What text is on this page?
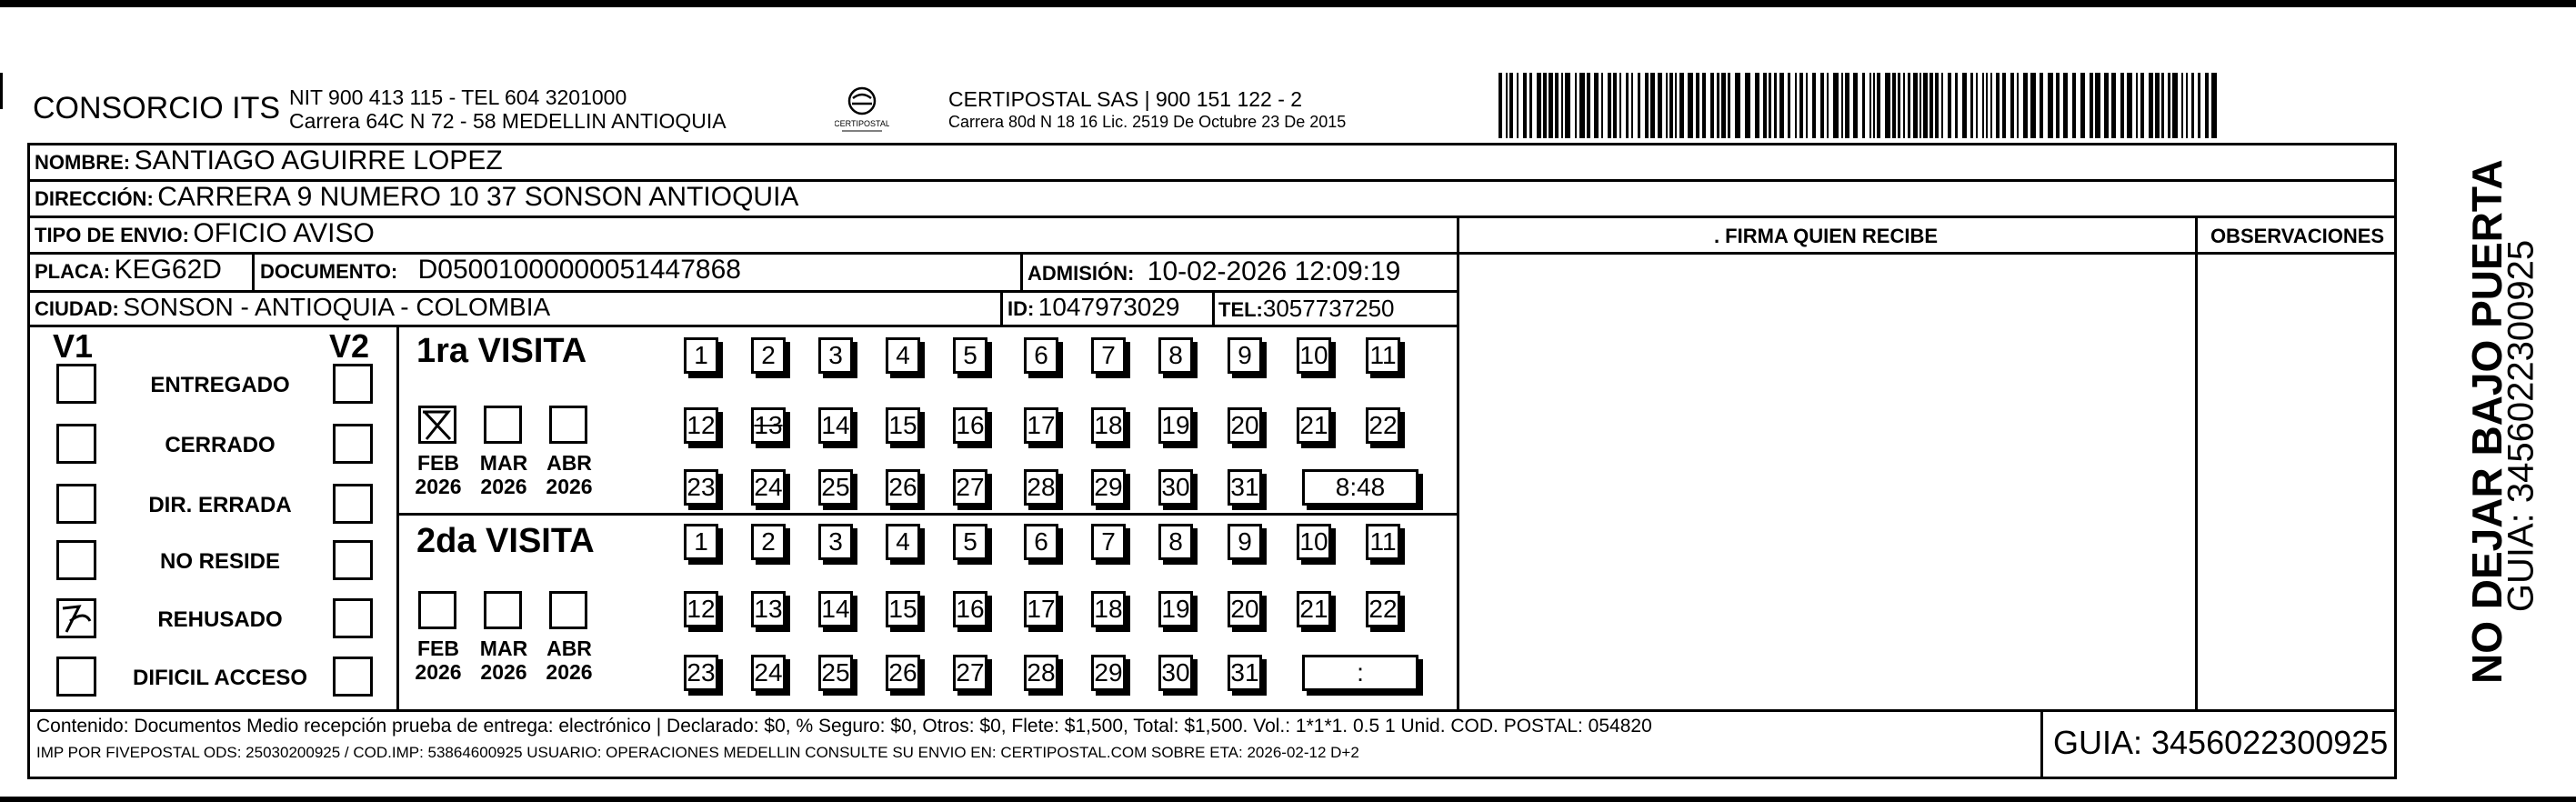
CONSORCIO ITS NIT 900 413 115 - TEL 604 3201000
Carrera 64C N 72 - 58 MEDELLIN ANTIOQUIA	CERTIPOSTAL
CERTIPOSTAL SAS | 900 151 122 - 2
Carrera 80d N 18 16 Lic. 2519 De Octubre 23 De 2015
NOMBRE: SANTIAGO AGUIRRE LOPEZ
DIRECCIÓN: CARRERA 9 NUMERO 10 37 SONSON ANTIOQUIA
TIPO DE ENVIO: OFICIO AVISO
PLACA: KEG62D DOCUMENTO: D05001000000051447868	ADMISIÓN: 10-02-2026 12:09:19
CIUDAD: SONSON - ANTIOQUIA - COLOMBIA	ID: 1047973029 TEL:3057737250
. FIRMA QUIEN RECIBE	OBSERVACIONES
V1	V2
ENTREGADO
CERRADO
DIR. ERRADA
NO RESIDE
REHUSADO
DIFICIL ACCESO
1ra VISITA
2da VISITA
FEB
2026
MAR
2026
ABR
2026
FEB
2026
MAR
2026
ABR
2026
1	2	3	4	5	6	7	8	9	10 11
12 13 14 15 16 17 18 19 20 21 22
23 24 25 26 27 28 29 30 31	8:48
1	2	3	4	5	6	7	8	9	10 11
12 13 14 15 16 17 18 19 20 21 22
23 24 25 26 27 28 29 30 31	:
Contenido: Documentos Medio recepción prueba de entrega: electrónico | Declarado: $0, % Seguro: $0, Otros: $0, Flete: $1,500, Total: $1,500. Vol.: 1*1*1. 0.5 1 Unid. COD. POSTAL: 054820
IMP POR FIVEPOSTAL ODS: 25030200925 / COD.IMP: 53864600925 USUARIO: OPERACIONES MEDELLIN CONSULTE SU ENVIO EN: CERTIPOSTAL.COM SOBRE ETA: 2026-02-12 D+2	GUIA: 3456022300925
NO DEJAR BAJO PUERTA
GUIA: 3456022300925
